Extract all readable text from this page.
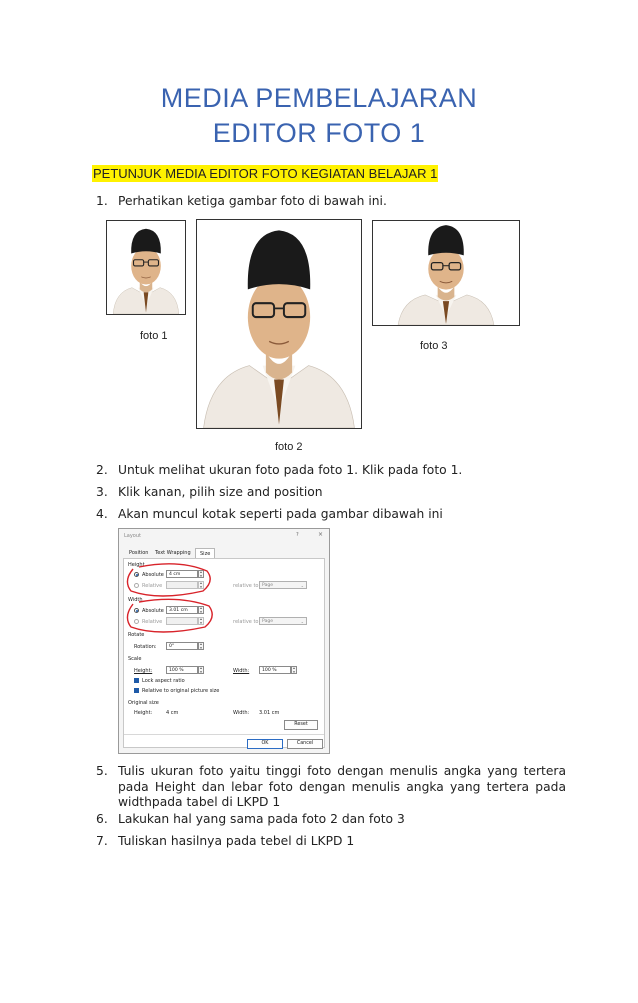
MEDIA PEMBELAJARAN
EDITOR FOTO 1
PETUNJUK MEDIA EDITOR FOTO KEGIATAN BELAJAR 1
1. Perhatikan ketiga gambar foto di bawah ini.
foto 1
foto 2
foto 3
2. Untuk melihat ukuran foto pada foto 1. Klik pada foto 1.
3. Klik kanan, pilih size and position
4. Akan muncul kotak seperti pada gambar dibawah ini
Layout	?	×
Position	Text Wrapping	Size
Height
Absolute	4 cm	▴
▾
Relative	▴
▾	relative to Page	⌄
Width
Absolute	3.01 cm	▴
▾
Relative	▴
▾	relative to Page	⌄
Rotate
Rotation:	0°	▴
▾
Scale
Height:	100 %	▴
▾	Width:	100 %	▴
▾
Lock aspect ratio
Relative to original picture size
Original size
Height:	4 cm	Width: 3.01 cm
Reset
OK	Cancel
5. Tulis ukuran foto yaitu tinggi foto dengan menulis angka yang tertera pada Height dan lebar foto dengan menulis angka yang tertera pada widthpada tabel di LKPD 1
6. Lakukan hal yang sama pada foto 2 dan foto 3
7. Tuliskan hasilnya pada tebel di LKPD 1
